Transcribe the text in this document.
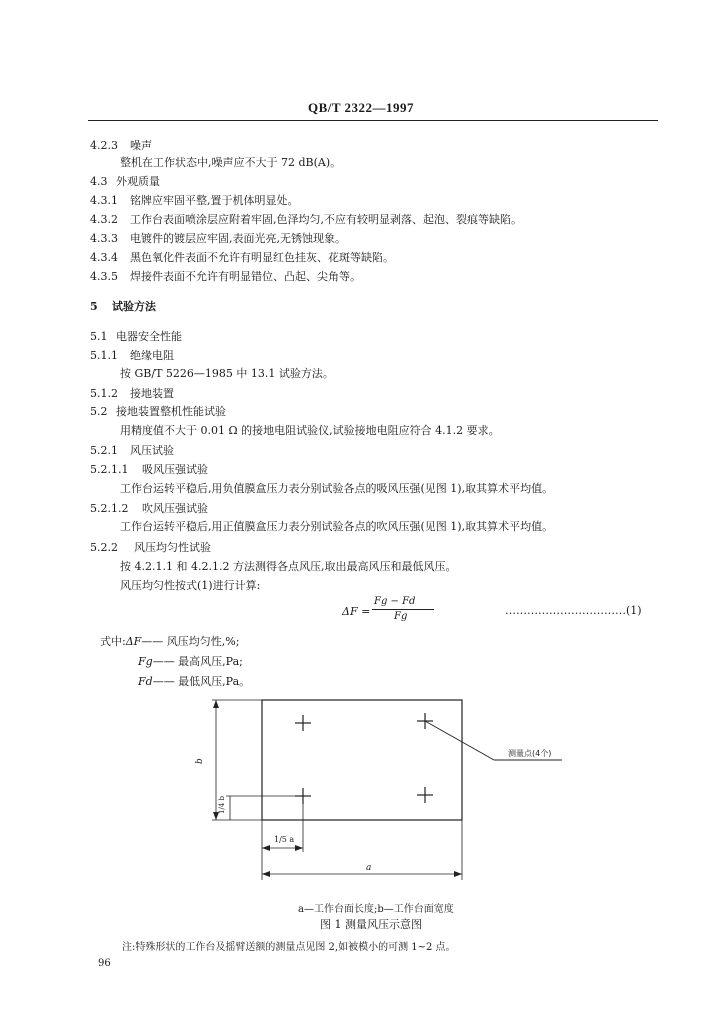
QB/T 2322—1997
4.2.3 噪声
整机在工作状态中,噪声应不大于 72 dB(A)。
4.3 外观质量
4.3.1 铭牌应牢固平整,置于机体明显处。
4.3.2 工作台表面喷涂层应附着牢固,色泽均匀,不应有较明显剥落、起泡、裂痕等缺陷。
4.3.3 电镀件的镀层应牢固,表面光亮,无锈蚀现象。
4.3.4 黑色氧化件表面不允许有明显红色挂灰、花斑等缺陷。
4.3.5 焊接件表面不允许有明显错位、凸起、尖角等。
5 试验方法
5.1 电器安全性能
5.1.1 绝缘电阻
按 GB/T 5226—1985 中 13.1 试验方法。
5.1.2 接地装置
5.2 接地装置整机性能试验
用精度值不大于 0.01 Ω 的接地电阻试验仪,试验接地电阻应符合 4.1.2 要求。
5.2.1 风压试验
5.2.1.1 吸风压强试验
工作台运转平稳后,用负值膜盒压力表分别试验各点的吸风压强(见图 1),取其算术平均值。
5.2.1.2 吹风压强试验
工作台运转平稳后,用正值膜盒压力表分别试验各点的吹风压强(见图 1),取其算术平均值。
5.2.2 风压均匀性试验
按 4.2.1.1 和 4.2.1.2 方法测得各点风压,取出最高风压和最低风压。
风压均匀性按式(1)进行计算:
ΔF =
Fg − Fd
Fg	……………………………(1)
式中:ΔF—— 风压均匀性,%;
Fg—— 最高风压,Pa;
Fd—— 最低风压,Pa。
测量点(4个)
b
1/4 b
1/5 a
a
a—工作台面长度;b—工作台面宽度
图 1 测量风压示意图
注:特殊形状的工作台及摇臂送额的测量点见图 2,如被模小的可测 1~2 点。
96
